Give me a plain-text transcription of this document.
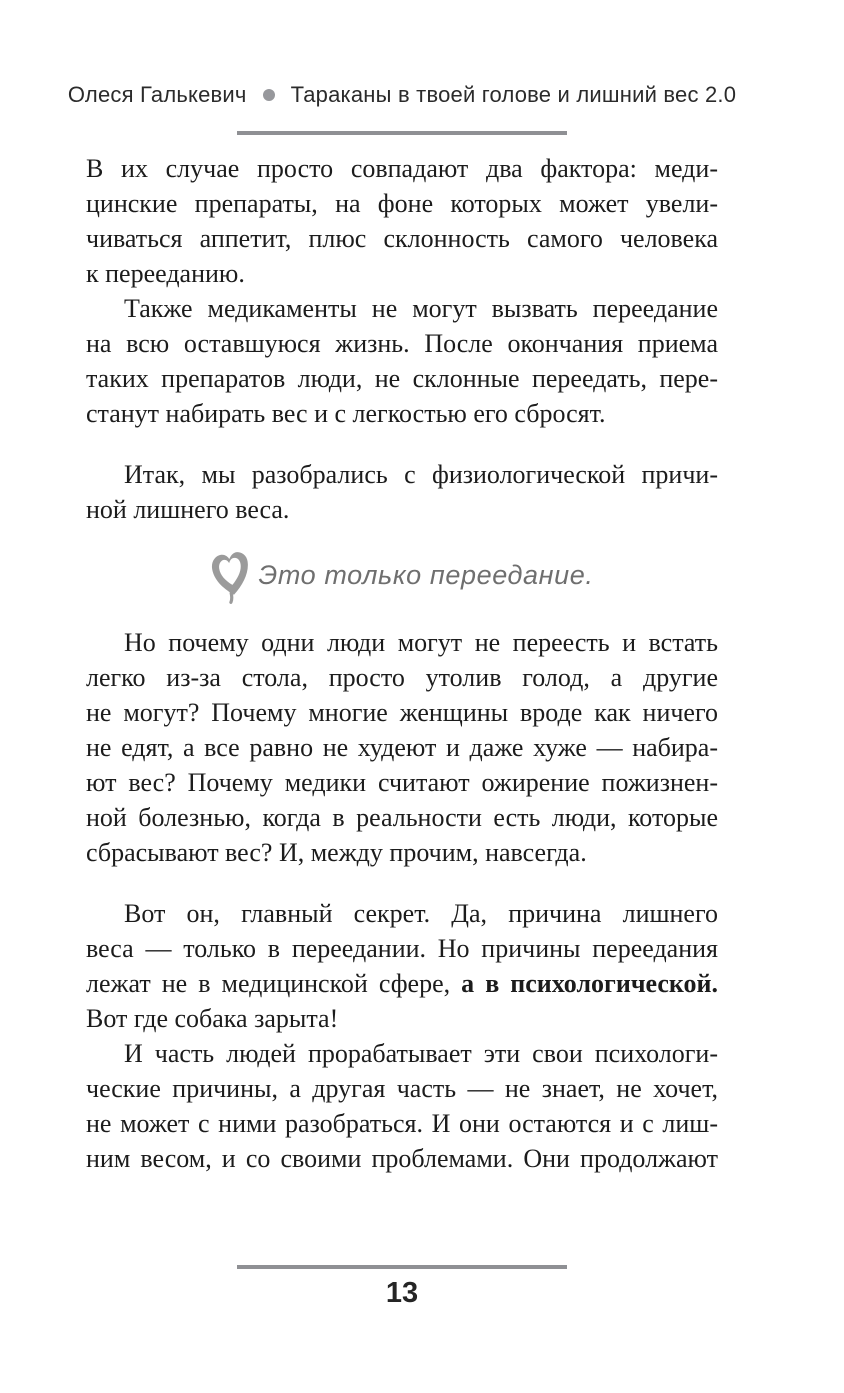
Олеся Галькевич Тараканы в твоей голове и лишний вес 2.0
В их случае просто совпадают два фактора: меди-
цинские препараты, на фоне которых может увели-
чиваться аппетит, плюс склонность самого человека
к перееданию.
Также медикаменты не могут вызвать переедание
на всю оставшуюся жизнь. После окончания приема
таких препаратов люди, не склонные переедать, пере-
станут набирать вес и с легкостью его сбросят.
Итак, мы разобрались с физиологической причи-
ной лишнего веса.
Это только переедание.
Но почему одни люди могут не переесть и встать
легко из-за стола, просто утолив голод, а другие
не могут? Почему многие женщины вроде как ничего
не едят, а все равно не худеют и даже хуже — набира-
ют вес? Почему медики считают ожирение пожизнен-
ной болезнью, когда в реальности есть люди, которые
сбрасывают вес? И, между прочим, навсегда.
Вот он, главный секрет. Да, причина лишнего
веса — только в переедании. Но причины переедания
лежат не в медицинской сфере, а в психологической.
Вот где собака зарыта!
И часть людей прорабатывает эти свои психологи-
ческие причины, а другая часть — не знает, не хочет,
не может с ними разобраться. И они остаются и с лиш-
ним весом, и со своими проблемами. Они продолжают
13
